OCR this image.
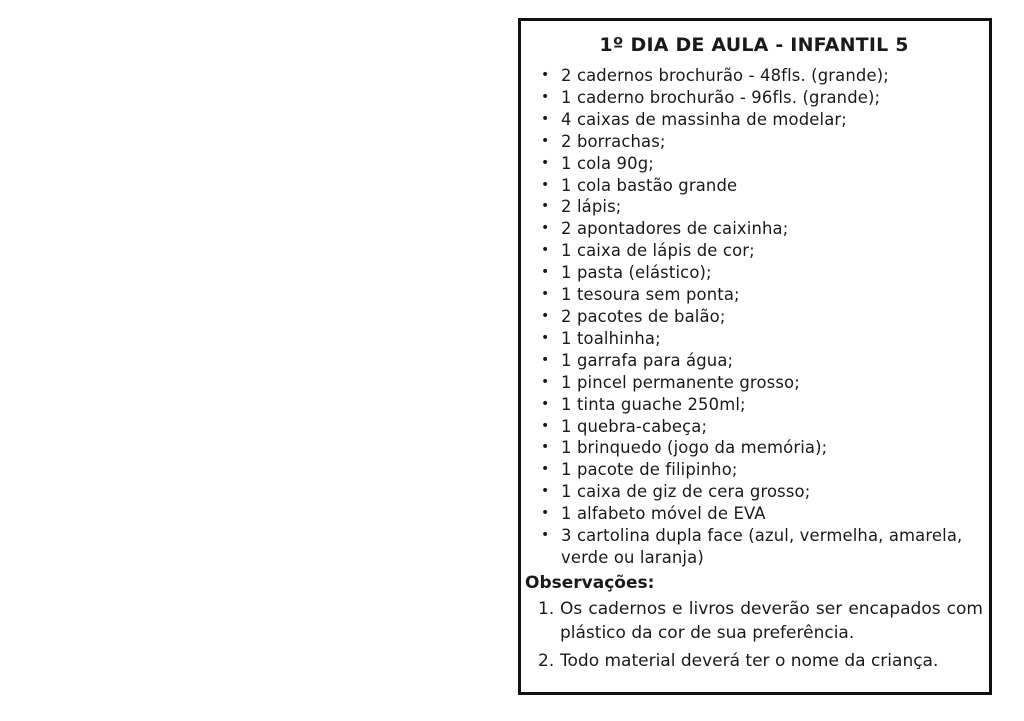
1º DIA DE AULA - INFANTIL 5
• 2 cadernos brochurão - 48fls. (grande);
• 1 caderno brochurão - 96fls. (grande);
• 4 caixas de massinha de modelar;
• 2 borrachas;
• 1 cola 90g;
• 1 cola bastão grande
• 2 lápis;
• 2 apontadores de caixinha;
• 1 caixa de lápis de cor;
• 1 pasta (elástico);
• 1 tesoura sem ponta;
• 2 pacotes de balão;
• 1 toalhinha;
• 1 garrafa para água;
• 1 pincel permanente grosso;
• 1 tinta guache 250ml;
• 1 quebra-cabeça;
• 1 brinquedo (jogo da memória);
• 1 pacote de filipinho;
• 1 caixa de giz de cera grosso;
• 1 alfabeto móvel de EVA
• 3 cartolina dupla face (azul, vermelha, amarela, verde ou laranja)
Observações:
1. Os cadernos e livros deverão ser encapados com plástico da cor de sua preferência.
2. Todo material deverá ter o nome da criança.
